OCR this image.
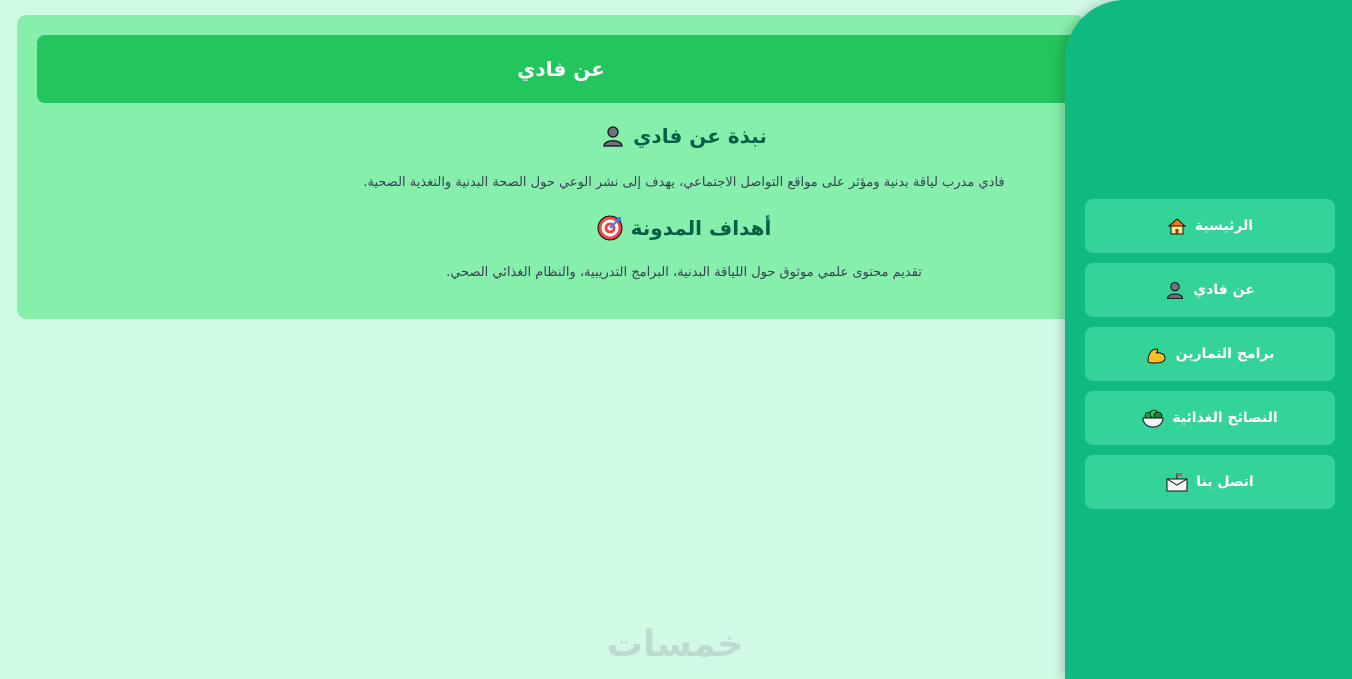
عن فادي
نبذة عن فادي
فادي مدرب لياقة بدنية ومؤثر على مواقع التواصل الاجتماعي، يهدف إلى نشر الوعي حول الصحة البدنية والتغذية الصحية.
أهداف المدونة
تقديم محتوى علمي موثوق حول اللياقة البدنية، البرامج التدريبية، والنظام الغذائي الصحي.
خمسات
الرئيسية
عن فادي
برامج التمارين
النصائح الغذائية
اتصل بنا
